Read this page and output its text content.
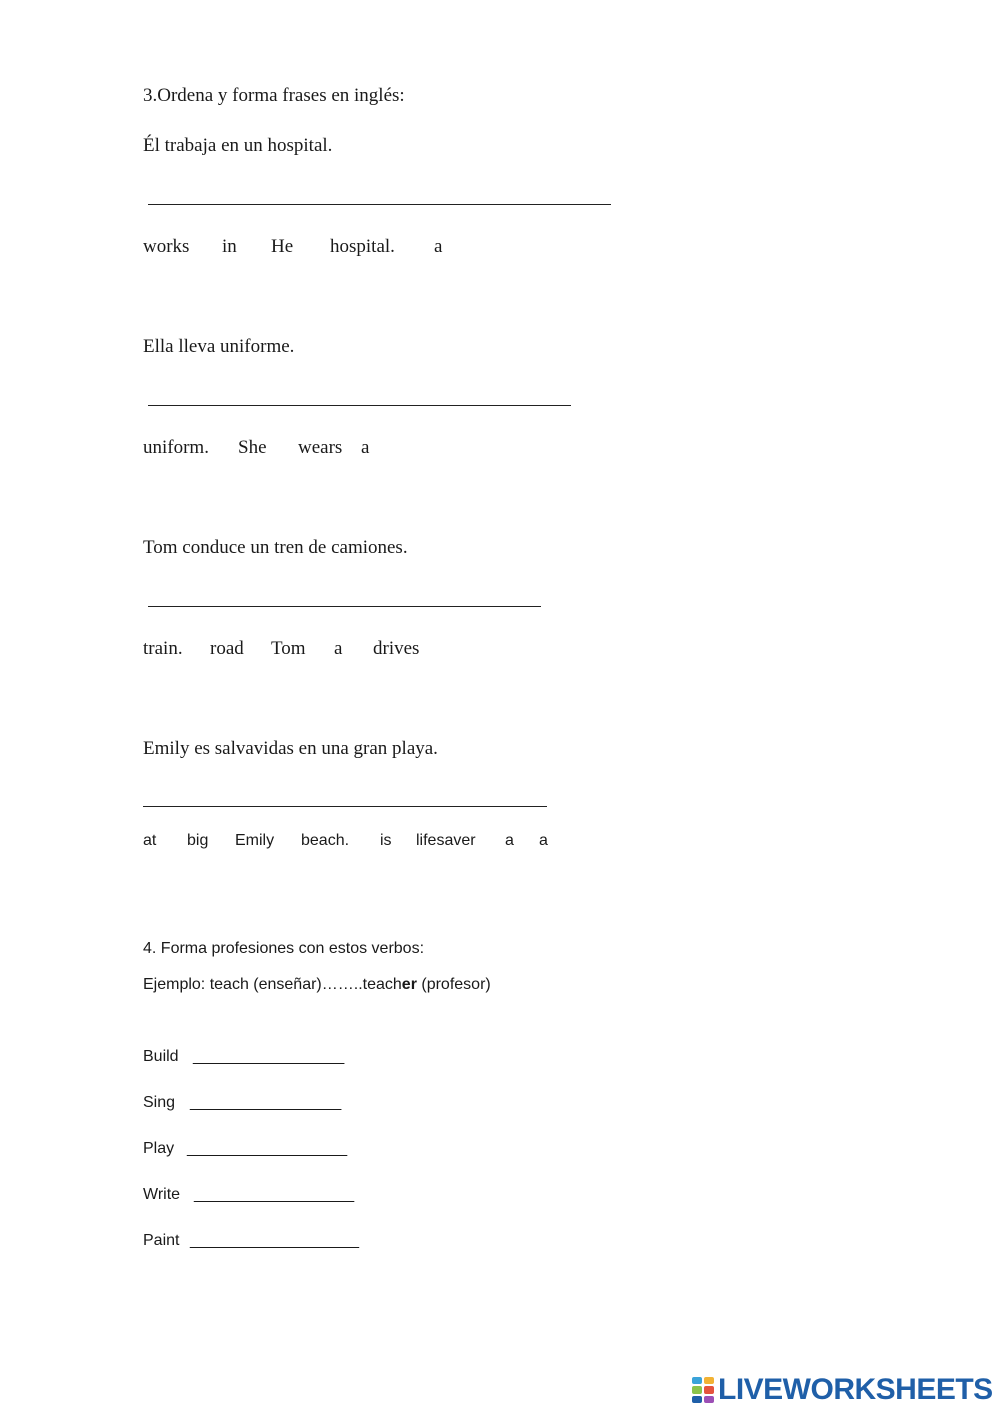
3.Ordena y forma frases en inglés:
Él trabaja en un hospital.
works in He hospital. a
Ella lleva uniforme.
uniform. She wears a
Tom conduce un tren de camiones.
train. road Tom a drives
Emily es salvavidas en una gran playa.
at big Emily beach. is lifesaver a a
4. Forma profesiones con estos verbos:
Ejemplo: teach (enseñar)……..teacher (profesor)
Build _________________
Sing _________________
Play __________________
Write __________________
Paint ___________________
LIVEWORKSHEETS
